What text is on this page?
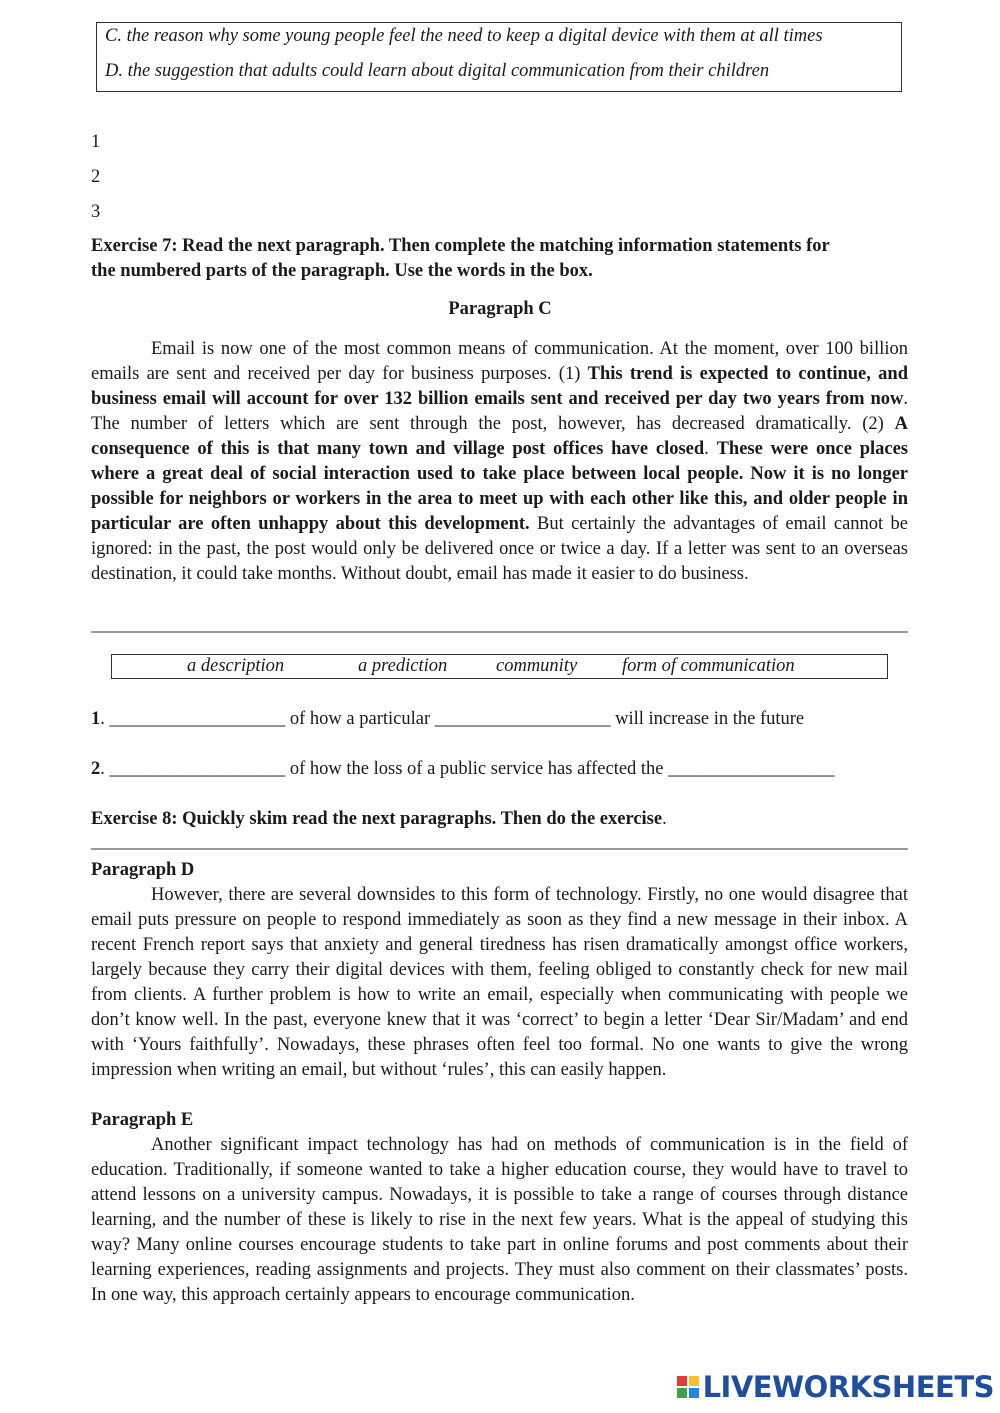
C. the reason why some young people feel the need to keep a digital device with them at all times

D. the suggestion that adults could learn about digital communication from their children

1
2
3
Exercise 7: Read the next paragraph. Then complete the matching information statements for
the numbered parts of the paragraph. Use the words in the box.
Paragraph C

Email is now one of the most common means of communication. At the moment, over 100 billion emails are sent and received per day for business purposes. (1) This trend is expected to continue, and business email will account for over 132 billion emails sent and received per day two years from now. The number of letters which are sent through the post, however, has decreased dramatically. (2) A consequence of this is that many town and village post offices have closed. These were once places where a great deal of social interaction used to take place between local people. Now it is no longer possible for neighbors or workers in the area to meet up with each other like this, and older people in particular are often unhappy about this development. But certainly the advantages of email cannot be ignored: in the past, the post would only be delivered once or twice a day. If a letter was sent to an overseas destination, it could take months. Without doubt, email has made it easier to do business.

a description	a prediction	community form of communication
1. ___________________ of how a particular ___________________ will increase in the future
2. ___________________ of how the loss of a public service has affected the __________________
Exercise 8: Quickly skim read the next paragraphs. Then do the exercise.
Paragraph D

However, there are several downsides to this form of technology. Firstly, no one would disagree that email puts pressure on people to respond immediately as soon as they find a new message in their inbox. A recent French report says that anxiety and general tiredness has risen dramatically amongst office workers, largely because they carry their digital devices with them, feeling obliged to constantly check for new mail from clients. A further problem is how to write an email, especially when communicating with people we don’t know well. In the past, everyone knew that it was ‘correct’ to begin a letter ‘Dear Sir/Madam’ and end with ‘Yours faithfully’. Nowadays, these phrases often feel too formal. No one wants to give the wrong impression when writing an email, but without ‘rules’, this can easily happen.

Paragraph E

Another significant impact technology has had on methods of communication is in the field of education. Traditionally, if someone wanted to take a higher education course, they would have to travel to attend lessons on a university campus. Nowadays, it is possible to take a range of courses through distance learning, and the number of these is likely to rise in the next few years. What is the appeal of studying this way? Many online courses encourage students to take part in online forums and post comments about their learning experiences, reading assignments and projects. They must also comment on their classmates’ posts. In one way, this approach certainly appears to encourage communication.

LIVEWORKSHEETS
